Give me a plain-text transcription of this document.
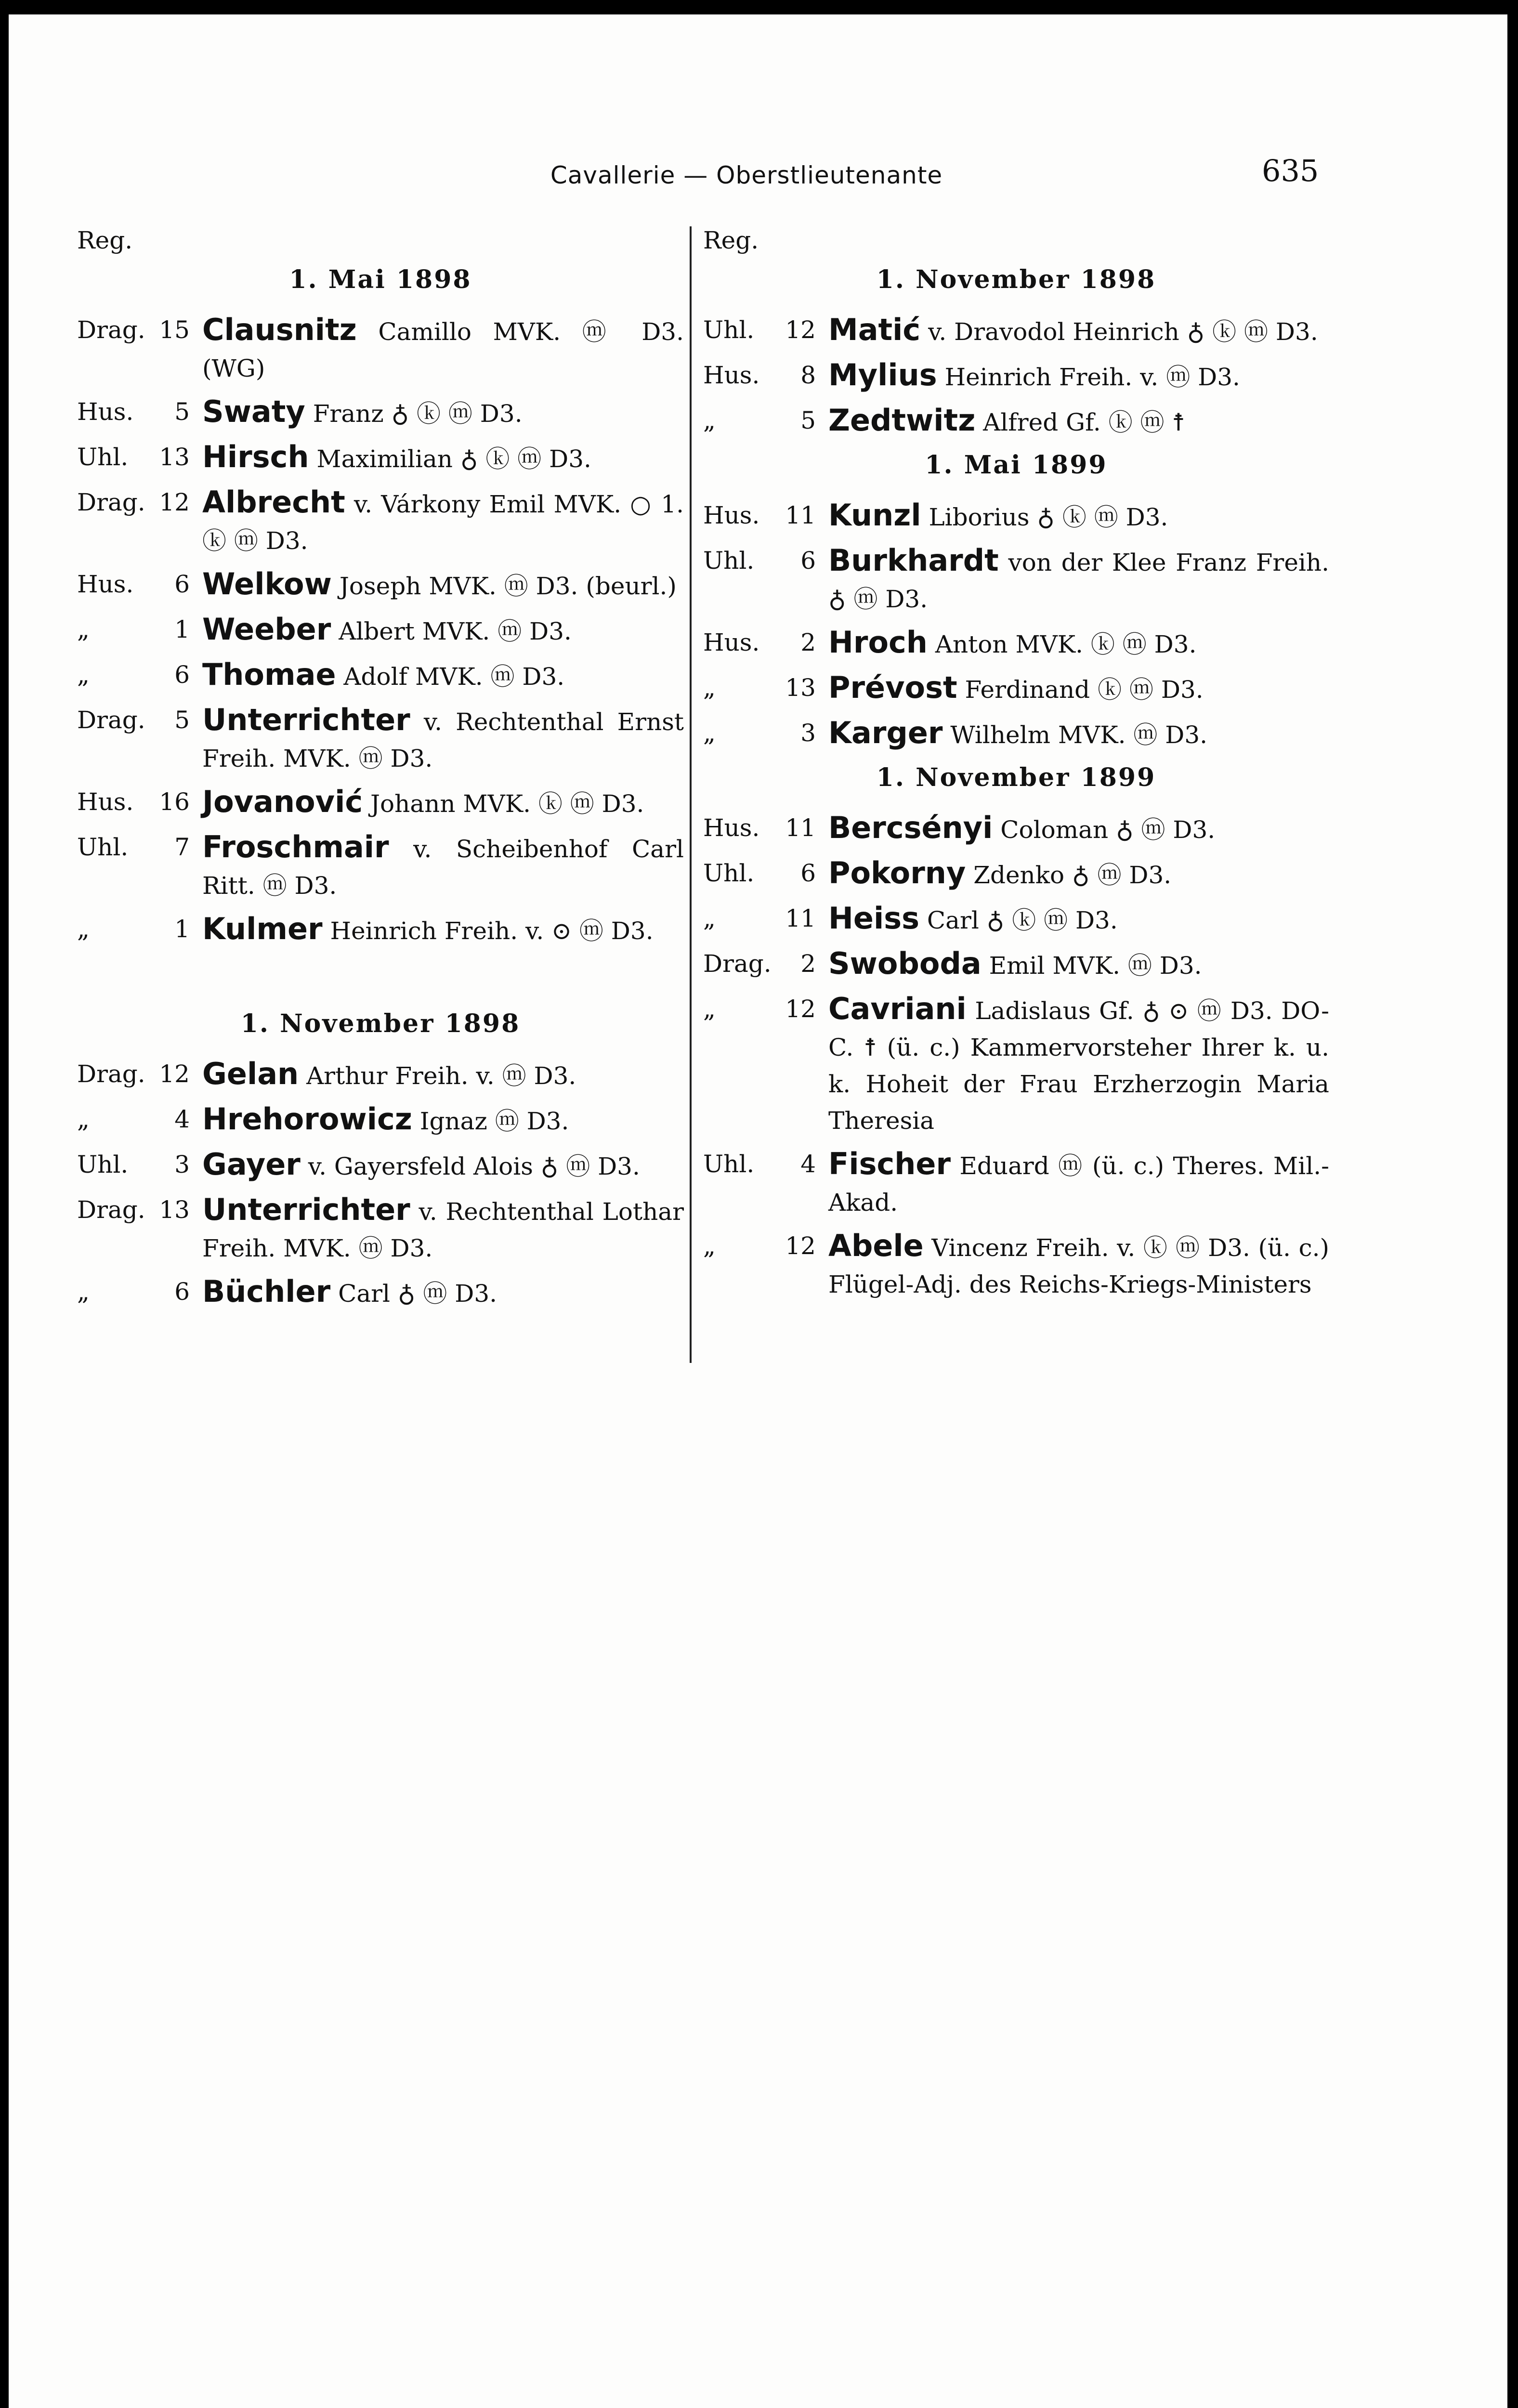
Cavallerie — Oberstlieutenante	635
Reg.
1. Mai 1898
Drag. 15 Clausnitz Camillo MVK. ⓜ D3. (WG)
Hus.	5 Swaty Franz ♁ ⓚ ⓜ D3.
Uhl.	13 Hirsch Maximilian ♁ ⓚ ⓜ D3.
Drag. 12 Albrecht v. Várkony Emil MVK. ○ 1. ⓚ ⓜ D3.
Hus.	6 Welkow Joseph MVK. ⓜ D3. (beurl.)
„	1 Weeber Albert MVK. ⓜ D3.
„	6 Thomae Adolf MVK. ⓜ D3.
Drag.	5 Unterrichter v. Rechtenthal Ernst Freih. MVK. ⓜ D3.
Hus.	16 Jovanović Johann MVK. ⓚ ⓜ D3.
Uhl.	7 Froschmair v. Scheibenhof Carl Ritt. ⓜ D3.
„	1 Kulmer Heinrich Freih. v. ⊙ ⓜ D3.
1. November 1898
Drag. 12 Gelan Arthur Freih. v. ⓜ D3.
„	4 Hrehorowicz Ignaz ⓜ D3.
Uhl.	3 Gayer v. Gayersfeld Alois ♁ ⓜ D3.
Drag. 13 Unterrichter v. Rechtenthal Lothar Freih. MVK. ⓜ D3.
„	6 Büchler Carl ♁ ⓜ D3.
Reg.
1. November 1898
Uhl.	12 Matić v. Dravodol Heinrich ♁ ⓚ ⓜ D3.
Hus.	8 Mylius Heinrich Freih. v. ⓜ D3.
„	5 Zedtwitz Alfred Gf. ⓚ ⓜ ☨
1. Mai 1899
Hus.	11 Kunzl Liborius ♁ ⓚ ⓜ D3.
Uhl.	6 Burkhardt von der Klee Franz Freih. ♁ ⓜ D3.
Hus.	2 Hroch Anton MVK. ⓚ ⓜ D3.
„	13 Prévost Ferdinand ⓚ ⓜ D3.
„	3 Karger Wilhelm MVK. ⓜ D3.
1. November 1899
Hus.	11 Bercsényi Coloman ♁ ⓜ D3.
Uhl.	6 Pokorny Zdenko ♁ ⓜ D3.
„	11 Heiss Carl ♁ ⓚ ⓜ D3.
Drag.	2 Swoboda Emil MVK. ⓜ D3.
„	12 Cavriani Ladislaus Gf. ♁ ⊙ ⓜ D3. DO-C. ☨ (ü. c.) Kammervorsteher Ihrer k. u. k. Hoheit der Frau Erzherzogin Maria Theresia
Uhl.	4 Fischer Eduard ⓜ (ü. c.) Theres. Mil.-Akad.
„	12 Abele Vincenz Freih. v. ⓚ ⓜ D3. (ü. c.) Flügel-Adj. des Reichs-Kriegs-Ministers
